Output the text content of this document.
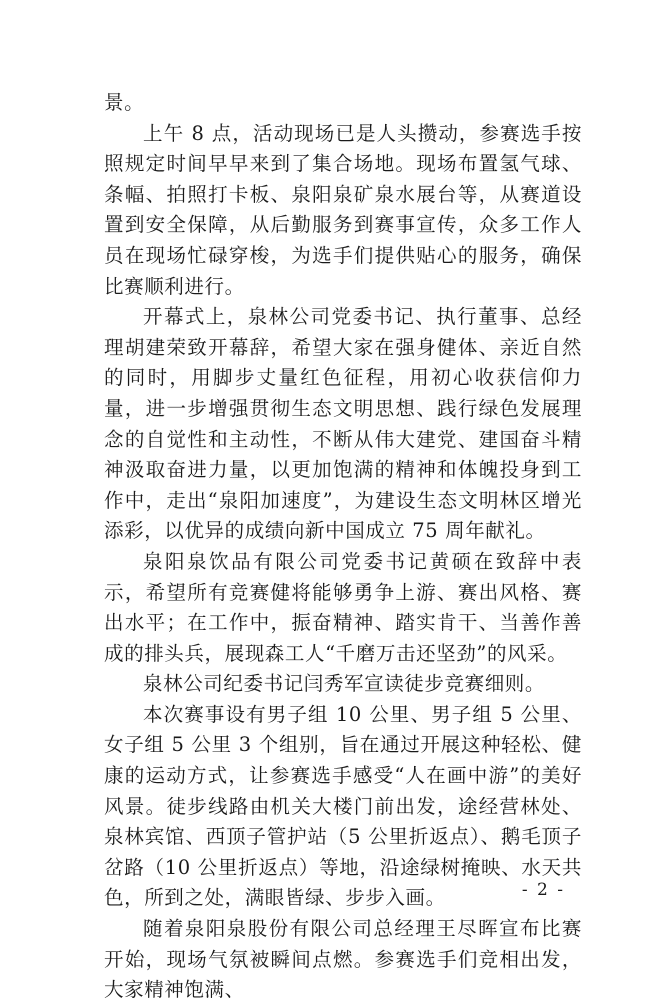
景。

上午 8 点，活动现场已是人头攒动，参赛选手按照规定时间早早来到了集合场地。现场布置氢气球、条幅、拍照打卡板、泉阳泉矿泉水展台等，从赛道设置到安全保障，从后勤服务到赛事宣传，众多工作人员在现场忙碌穿梭，为选手们提供贴心的服务，确保比赛顺利进行。

开幕式上，泉林公司党委书记、执行董事、总经理胡建荣致开幕辞，希望大家在强身健体、亲近自然的同时，用脚步丈量红色征程，用初心收获信仰力量，进一步增强贯彻生态文明思想、践行绿色发展理念的自觉性和主动性，不断从伟大建党、建国奋斗精神汲取奋进力量，以更加饱满的精神和体魄投身到工作中，走出“泉阳加速度”，为建设生态文明林区增光添彩，以优异的成绩向新中国成立 75 周年献礼。

泉阳泉饮品有限公司党委书记黄硕在致辞中表示，希望所有竞赛健将能够勇争上游、赛出风格、赛出水平；在工作中，振奋精神、踏实肯干、当善作善成的排头兵，展现森工人“千磨万击还坚劲”的风采。

泉林公司纪委书记闫秀军宣读徒步竞赛细则。

本次赛事设有男子组 10 公里、男子组 5 公里、女子组 5 公里 3 个组别，旨在通过开展这种轻松、健康的运动方式，让参赛选手感受“人在画中游”的美好风景。徒步线路由机关大楼门前出发，途经营林处、泉林宾馆、西顶子管护站（5 公里折返点）、鹅毛顶子岔路（10 公里折返点）等地，沿途绿树掩映、水天共色，所到之处，满眼皆绿、步步入画。

随着泉阳泉股份有限公司总经理王尽晖宣布比赛开始，现场气氛被瞬间点燃。参赛选手们竞相出发，大家精神饱满、

- 2 -
